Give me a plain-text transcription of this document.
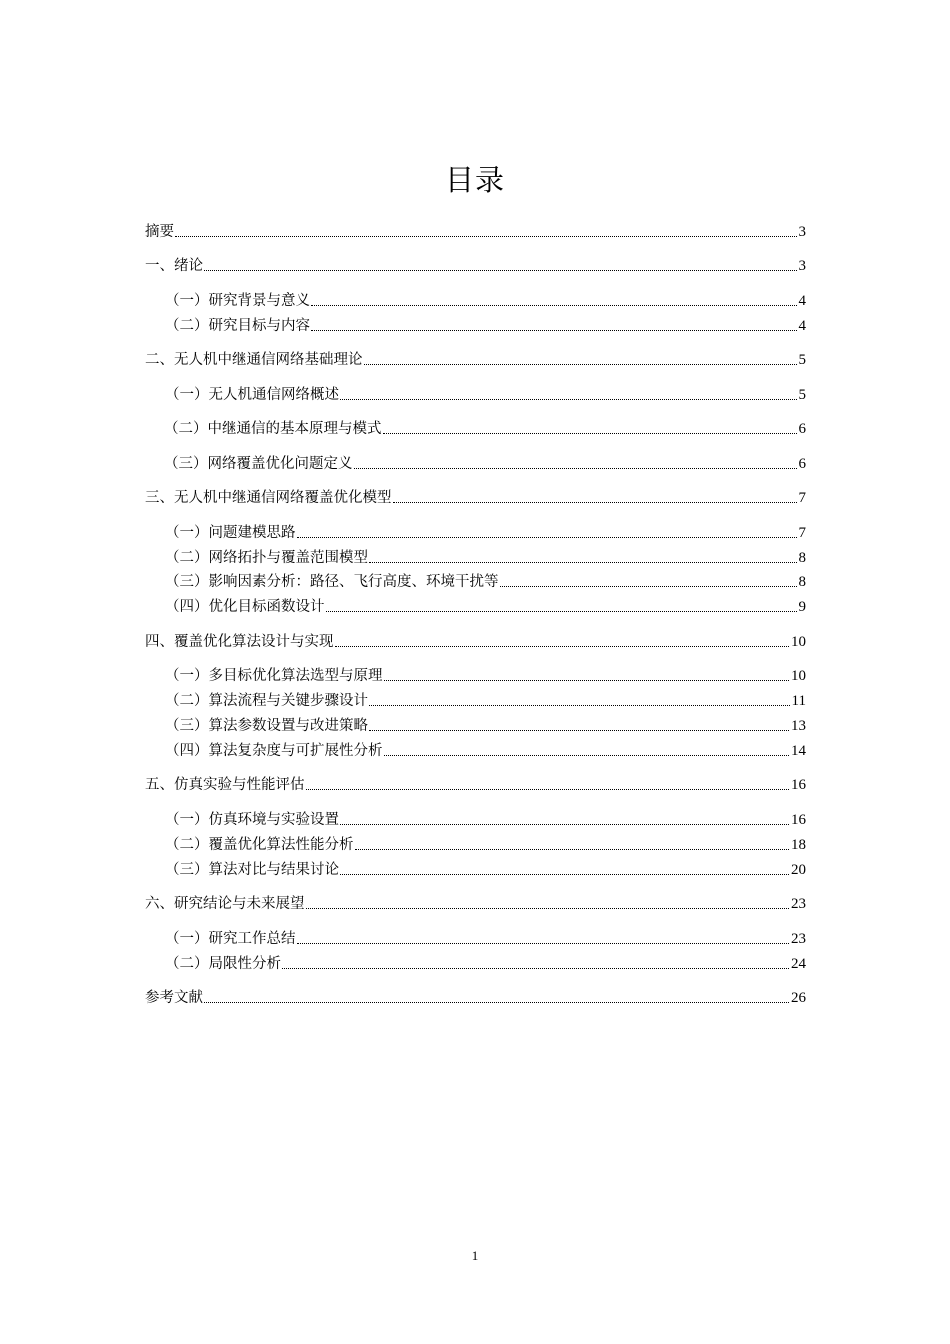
目录
摘要	3
一、绪论	3
（一）研究背景与意义	4
（二）研究目标与内容	4
二、无人机中继通信网络基础理论	5
（一）无人机通信网络概述	5
（二）中继通信的基本原理与模式	6
（三）网络覆盖优化问题定义	6
三、无人机中继通信网络覆盖优化模型	7
（一）问题建模思路	7
（二）网络拓扑与覆盖范围模型	8
（三）影响因素分析：路径、飞行高度、环境干扰等	8
（四）优化目标函数设计	9
四、覆盖优化算法设计与实现	10
（一）多目标优化算法选型与原理	10
（二）算法流程与关键步骤设计	11
（三）算法参数设置与改进策略	13
（四）算法复杂度与可扩展性分析	14
五、仿真实验与性能评估	16
（一）仿真环境与实验设置	16
（二）覆盖优化算法性能分析	18
（三）算法对比与结果讨论	20
六、研究结论与未来展望	23
（一）研究工作总结	23
（二）局限性分析	24
参考文献	26
1
